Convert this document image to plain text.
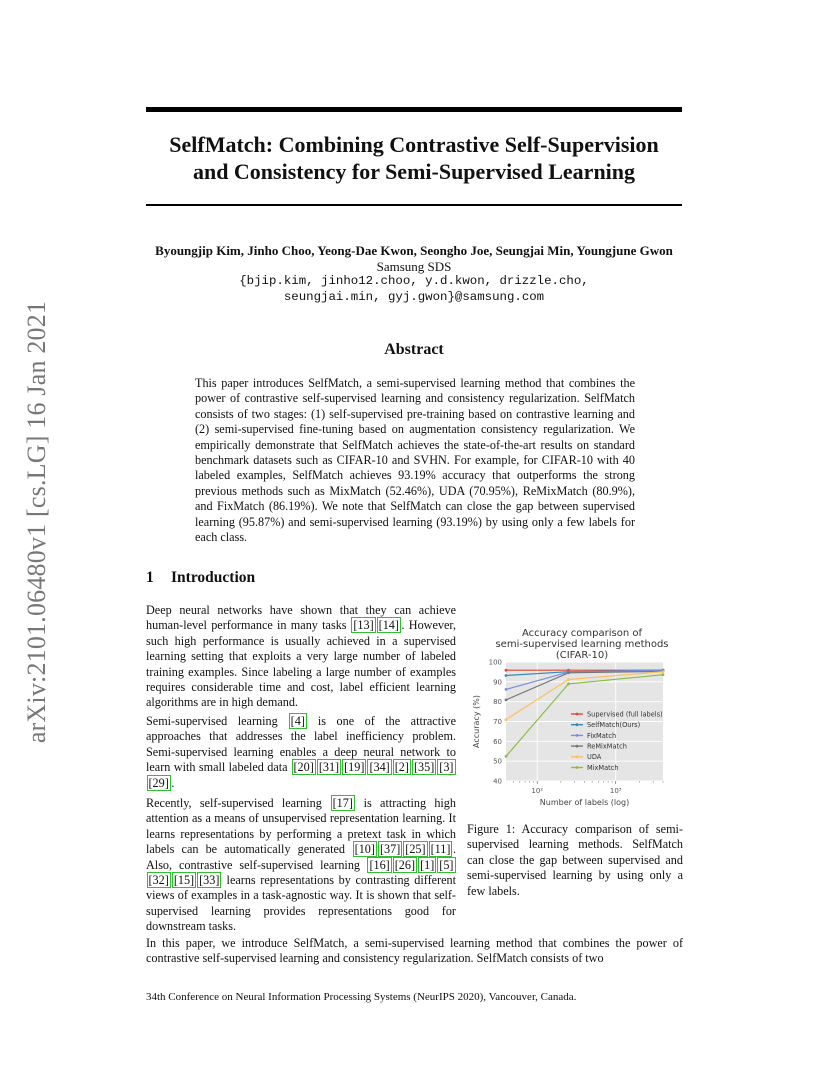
arXiv:2101.06480v1 [cs.LG] 16 Jan 2021
SelfMatch: Combining Contrastive Self-Supervision
and Consistency for Semi-Supervised Learning
Byoungjip Kim, Jinho Choo, Yeong-Dae Kwon, Seongho Joe, Seungjai Min, Youngjune Gwon
Samsung SDS
{bjip.kim, jinho12.choo, y.d.kwon, drizzle.cho,
seungjai.min, gyj.gwon}@samsung.com
Abstract
This paper introduces SelfMatch, a semi-supervised learning method that combines the power of contrastive self-supervised learning and consistency regularization. SelfMatch consists of two stages: (1) self-supervised pre-training based on contrastive learning and (2) semi-supervised fine-tuning based on augmentation consistency regularization. We empirically demonstrate that SelfMatch achieves the state-of-the-art results on standard benchmark datasets such as CIFAR-10 and SVHN. For example, for CIFAR-10 with 40 labeled examples, SelfMatch achieves 93.19% accuracy that outperforms the strong previous methods such as MixMatch (52.46%), UDA (70.95%), ReMixMatch (80.9%), and FixMatch (86.19%). We note that SelfMatch can close the gap between supervised learning (95.87%) and semi-supervised learning (93.19%) by using only a few labels for each class.
1 Introduction
Deep neural networks have shown that they can achieve human-level performance in many tasks [13] [14] . However, such high performance is usually achieved in a supervised learning setting that exploits a very large number of labeled training examples. Since labeling a large number of examples requires considerable time and cost, label efficient learning algorithms are in high demand.
Semi-supervised learning [4] is one of the attractive approaches that addresses the label inefficiency problem. Semi-supervised learning enables a deep neural network to learn with small labeled data [20] [31] [19] [34] [2] [35] [3][29] .
Recently, self-supervised learning [17] is attracting high attention as a means of unsupervised representation learning. It learns representations by performing a pretext task in which labels can be automatically generated [10] [37] [25] [11] . Also, contrastive self-supervised learning [16] [26] [1] [5][32] [15] [33] learns representations by contrasting different views of examples in a task-agnostic way. It is shown that self-supervised learning provides representations good for downstream tasks.
Accuracy comparison of
semi-supervised learning methods
(CIFAR-10)
40
50
60
70
80
90
100
10²	10³
Number of labels (log)
Accuracy (%)	Supervised (full labels)
SelfMatch(Ours)
FixMatch
ReMixMatch
UDA
MixMatch
Figure 1: Accuracy comparison of semi-supervised learning methods. SelfMatch can close the gap between supervised and semi-supervised learning by using only a few labels.
In this paper, we introduce SelfMatch, a semi-supervised learning method that combines the power of contrastive self-supervised learning and consistency regularization. SelfMatch consists of two
34th Conference on Neural Information Processing Systems (NeurIPS 2020), Vancouver, Canada.
